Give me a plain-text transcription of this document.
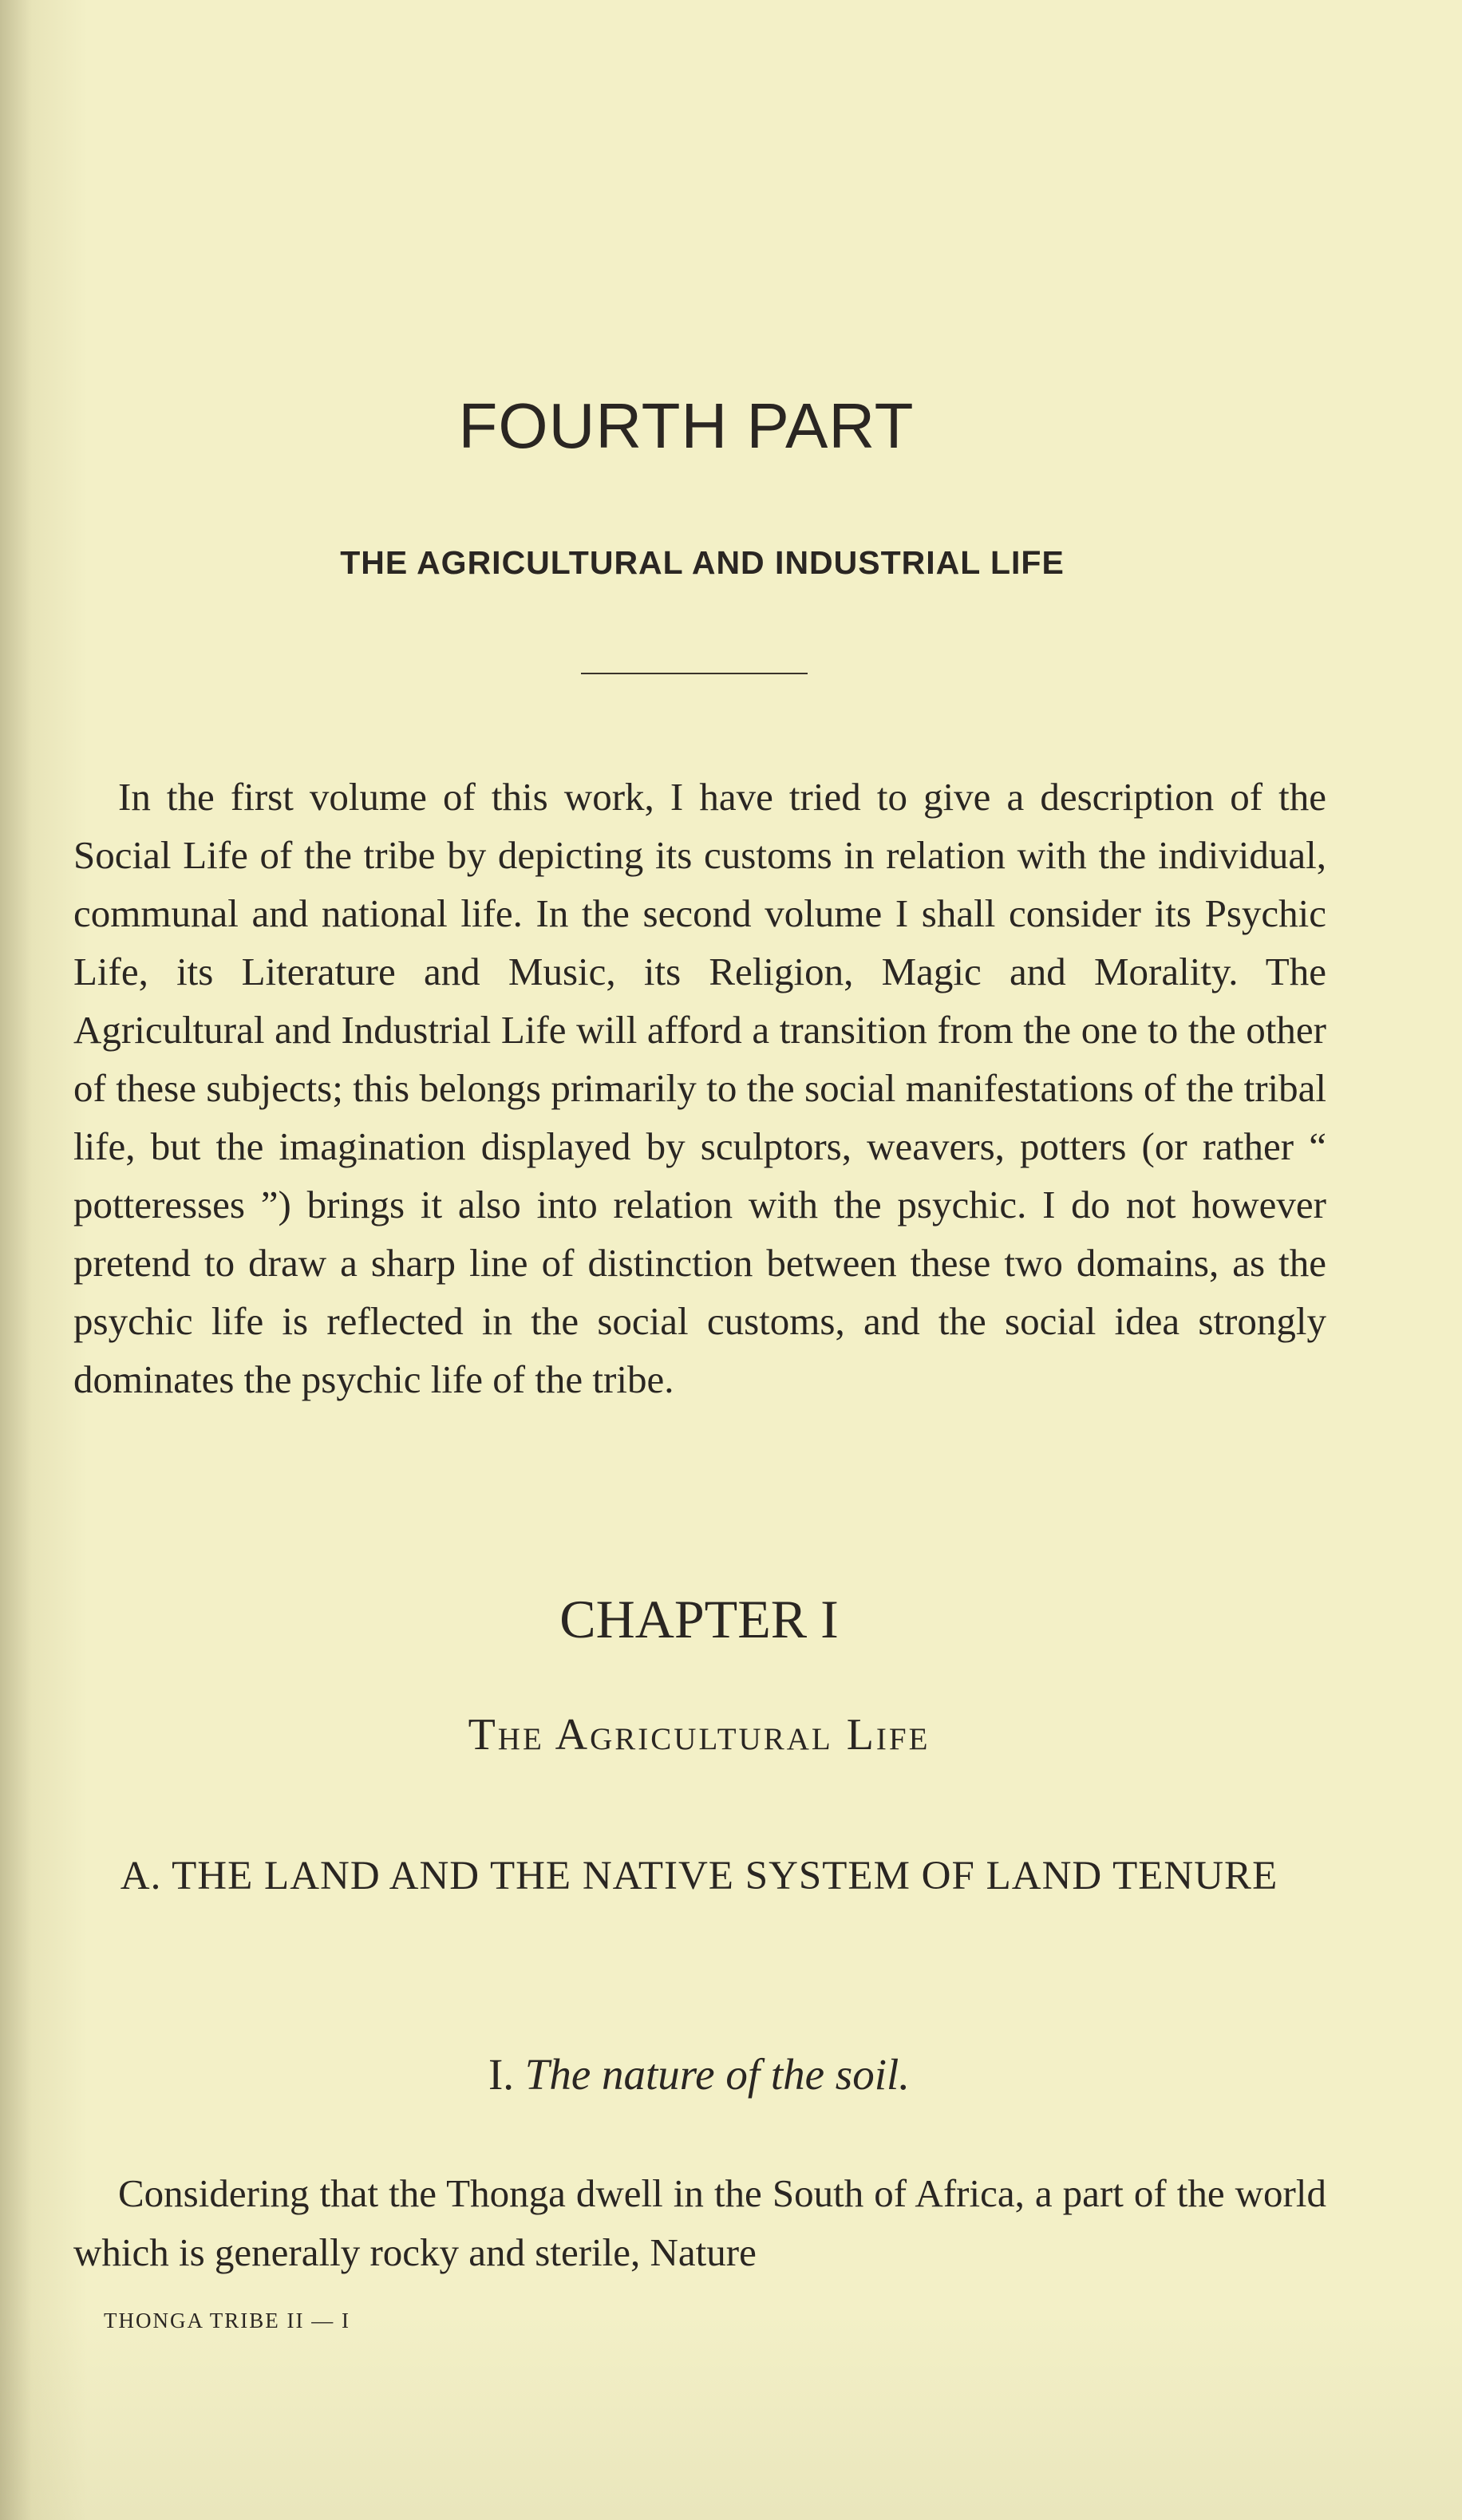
FOURTH PART
THE AGRICULTURAL AND INDUSTRIAL LIFE

In the first volume of this work, I have tried to give a description of the Social Life of the tribe by depicting its customs in relation with the individual, communal and national life. In the second volume I shall consider its Psychic Life, its Literature and Music, its Religion, Magic and Morality. The Agricultural and Industrial Life will afford a transition from the one to the other of these subjects; this belongs primarily to the social manifestations of the tribal life, but the imagination displayed by sculptors, weavers, potters (or rather “ potteresses ”) brings it also into relation with the psychic. I do not however pretend to draw a sharp line of distinction between these two domains, as the psychic life is reflected in the social customs, and the social idea strongly dominates the psychic life of the tribe.

CHAPTER I
The Agricultural Life
A. THE LAND AND THE NATIVE SYSTEM OF LAND TENURE
I. The nature of the soil.

Considering that the Thonga dwell in the South of Africa, a part of the world which is generally rocky and sterile, Nature

THONGA TRIBE II — I
